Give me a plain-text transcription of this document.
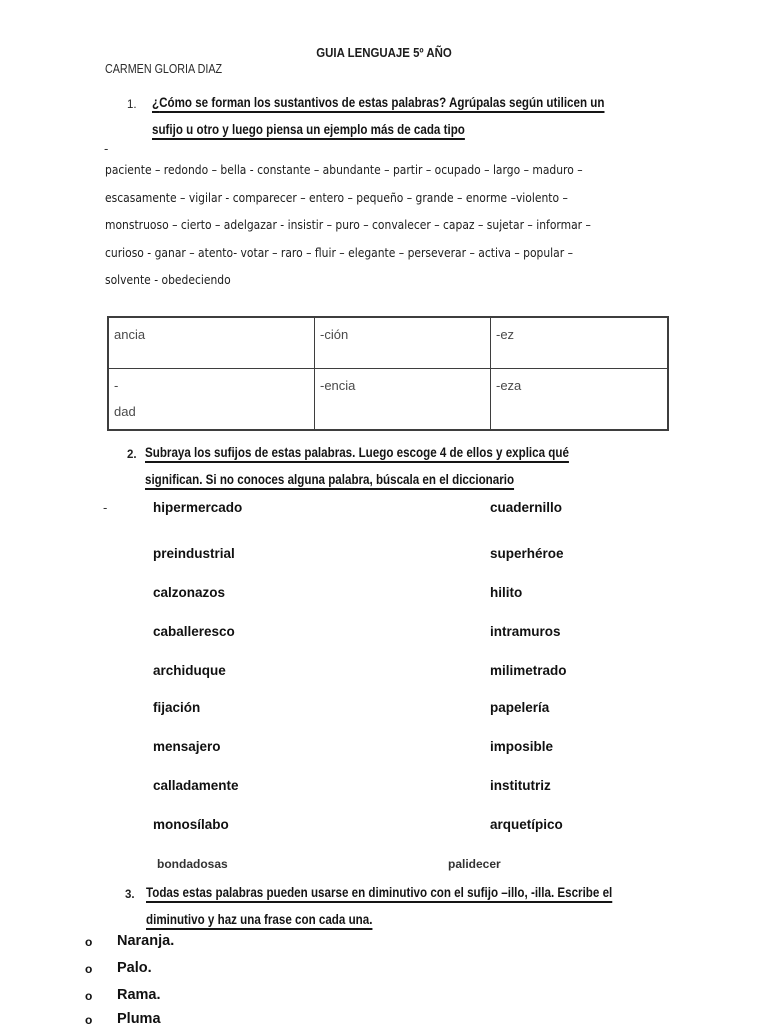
GUIA LENGUAJE 5º AÑO
CARMEN GLORIA DIAZ
1. ¿Cómo se forman los sustantivos de estas palabras? Agrúpalas según utilicen un
sufijo u otro y luego piensa un ejemplo más de cada tipo
-
paciente – redondo – bella - constante – abundante – partir – ocupado – largo – maduro –
escasamente – vigilar - comparecer – entero – pequeño – grande – enorme –violento –
monstruoso – cierto – adelgazar - insistir – puro – convalecer – capaz – sujetar – informar –
curioso - ganar – atento- votar – raro – fluir – elegante – perseverar – activa – popular –
solvente - obedeciendo
ancia	-ción	-ez

-
dad	-encia	-eza
2. Subraya los sufijos de estas palabras. Luego escoge 4 de ellos y explica qué
significan. Si no conoces alguna palabra, búscala en el diccionario
-	hipermercado	cuadernillo
preindustrial	superhéroe
calzonazos	hilito
caballeresco	intramuros
archiduque	milimetrado
fijación	papelería
mensajero	imposible
calladamente	institutriz
monosílabo	arquetípico
bondadosas	palidecer
3. Todas estas palabras pueden usarse en diminutivo con el sufijo –illo, -illa. Escribe el
diminutivo y haz una frase con cada una.
o Naranja.
o Palo.
o Rama.
o Pluma
